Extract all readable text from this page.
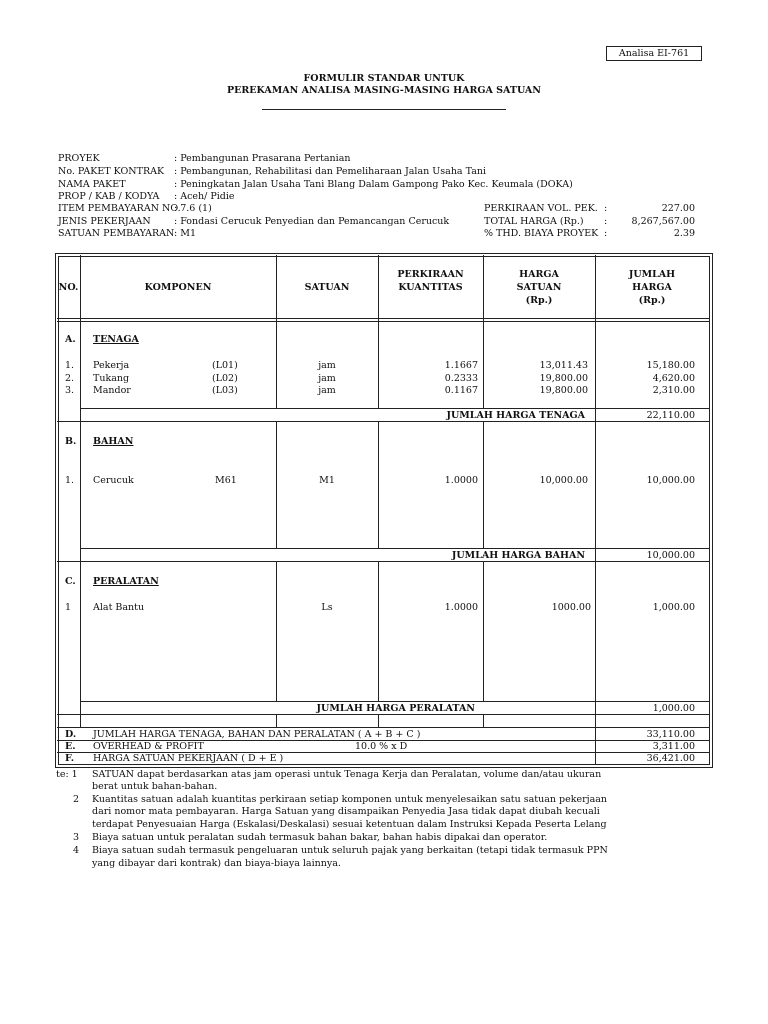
Analisa EI-761
FORMULIR STANDAR UNTUK
PEREKAMAN ANALISA MASING-MASING HARGA SATUAN
PROYEK	: Pembangunan Prasarana Pertanian
No. PAKET KONTRAK : Pembangunan, Rehabilitasi dan Pemeliharaan Jalan Usaha Tani
NAMA PAKET	: Peningkatan Jalan Usaha Tani Blang Dalam Gampong Pako Kec. Keumala (DOKA)
PROP / KAB / KODYA : Aceh/ Pidie
ITEM PEMBAYARAN NO.
: 7.6 (1)
JENIS PEKERJAAN : Fondasi Cerucuk Penyedian dan Pemancangan Cerucuk
SATUAN PEMBAYARAN : M1
PERKIRAAN VOL. PEK. :	227.00
TOTAL HARGA (Rp.) :	8,267,567.00
% THD. BIAYA PROYEK :	2.39
NO.	KOMPONEN	SATUAN
PERKIRAAN
KUANTITAS
HARGA
SATUAN
(Rp.)
JUMLAH
HARGA
(Rp.)
A. TENAGA
1. Pekerja	(L01)	jam	1.1667	13,011.43	15,180.00
2. Tukang	(L02)	jam	0.2333	19,800.00	4,620.00
3. Mandor	(L03)	jam	0.1167	19,800.00	2,310.00
JUMLAH HARGA TENAGA	22,110.00
B. BAHAN
1. Cerucuk	M61	M1	1.0000	10,000.00	10,000.00
JUMLAH HARGA BAHAN	10,000.00
C. PERALATAN
1 Alat Bantu	Ls	1.0000	1000.00	1,000.00
JUMLAH HARGA PERALATAN	1,000.00
D. JUMLAH HARGA TENAGA, BAHAN DAN PERALATAN ( A + B + C )	33,110.00
E. OVERHEAD & PROFIT	10.0 % x D	3,311.00
F. HARGA SATUAN PEKERJAAN ( D + E )	36,421.00
te: 1 SATUAN dapat berdasarkan atas jam operasi untuk Tenaga Kerja dan Peralatan, volume dan/atau ukuran
berat untuk bahan-bahan.
2 Kuantitas satuan adalah kuantitas perkiraan setiap komponen untuk menyelesaikan satu satuan pekerjaan
dari nomor mata pembayaran. Harga Satuan yang disampaikan Penyedia Jasa tidak dapat diubah kecuali
terdapat Penyesuaian Harga (Eskalasi/Deskalasi) sesuai ketentuan dalam Instruksi Kepada Peserta Lelang
3 Biaya satuan untuk peralatan sudah termasuk bahan bakar, bahan habis dipakai dan operator.
4 Biaya satuan sudah termasuk pengeluaran untuk seluruh pajak yang berkaitan (tetapi tidak termasuk PPN
yang dibayar dari kontrak) dan biaya-biaya lainnya.
